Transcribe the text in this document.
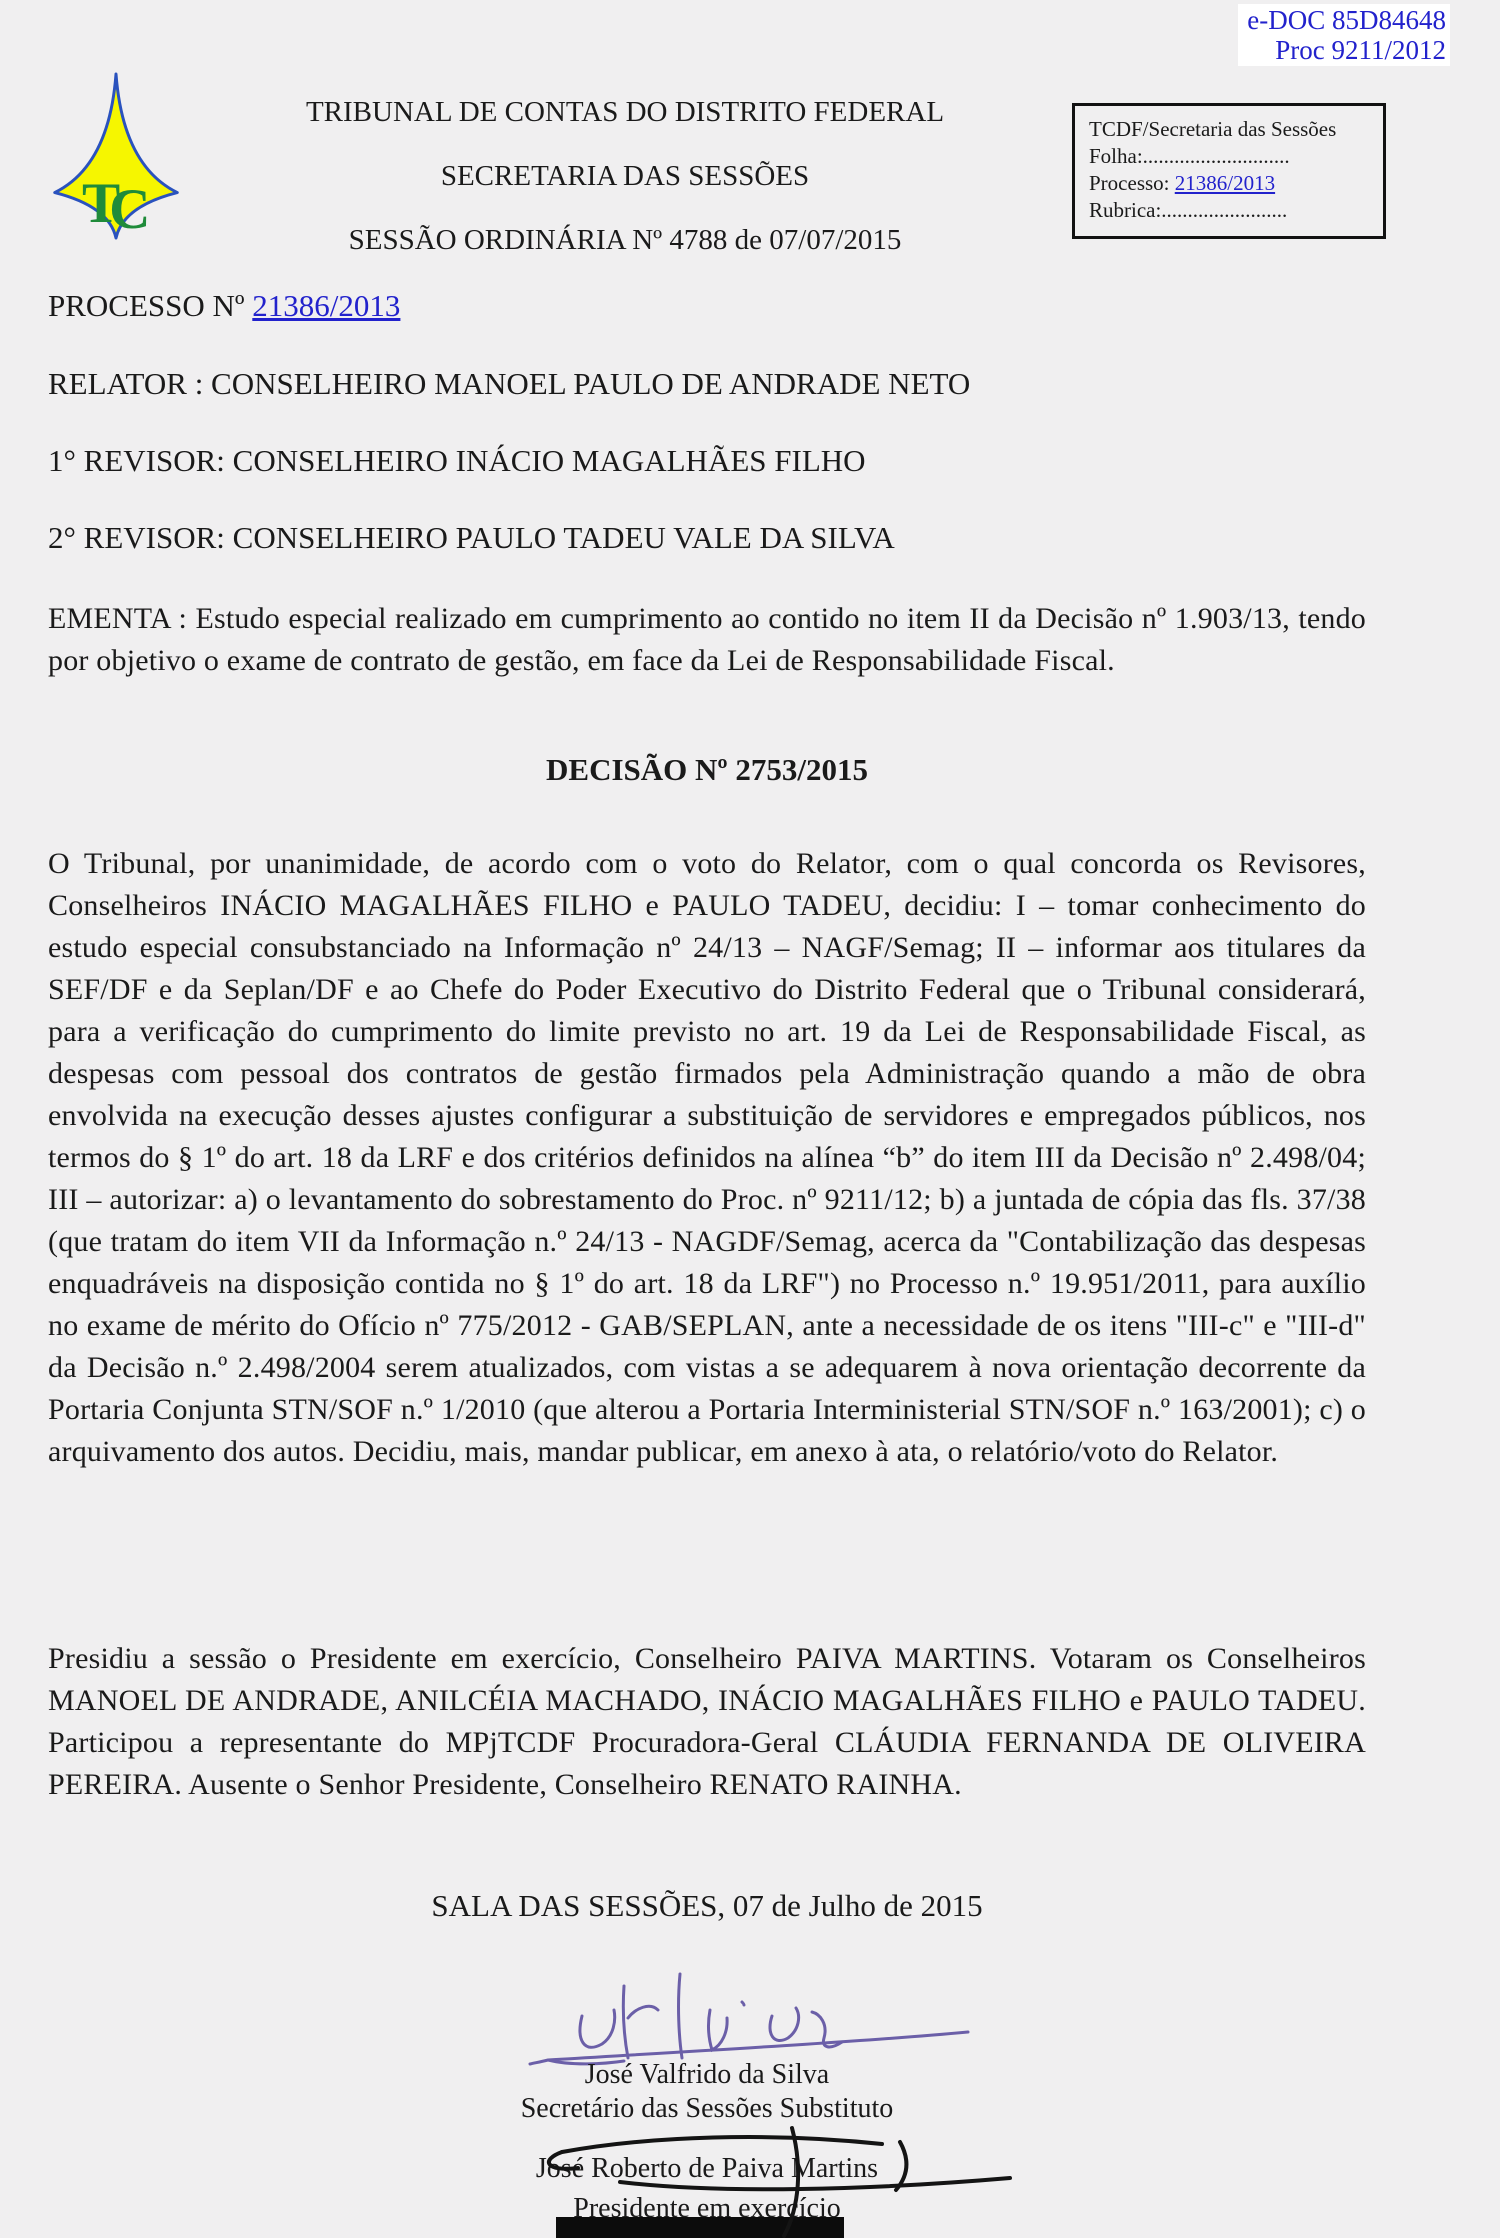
e-DOC 85D84648
Proc 9211/2012
T
C
TCDF/Secretaria das Sessões
Folha:............................
Processo: 21386/2013
Rubrica:........................
TRIBUNAL DE CONTAS DO DISTRITO FEDERAL
SECRETARIA DAS SESSÕES
SESSÃO ORDINÁRIA Nº 4788 de 07/07/2015
PROCESSO Nº 21386/2013
RELATOR : CONSELHEIRO MANOEL PAULO DE ANDRADE NETO
1° REVISOR: CONSELHEIRO INÁCIO MAGALHÃES FILHO
2° REVISOR: CONSELHEIRO PAULO TADEU VALE DA SILVA
EMENTA : Estudo especial realizado em cumprimento ao contido no item II da Decisão nº 1.903/13, tendo por objetivo o exame de contrato de gestão, em face da Lei de Responsabilidade Fiscal.
DECISÃO Nº 2753/2015
O Tribunal, por unanimidade, de acordo com o voto do Relator, com o qual concorda os Revisores, Conselheiros INÁCIO MAGALHÃES FILHO e PAULO TADEU, decidiu: I – tomar conhecimento do estudo especial consubstanciado na Informação nº 24/13 – NAGF/Semag; II – informar aos titulares da SEF/DF e da Seplan/DF e ao Chefe do Poder Executivo do Distrito Federal que o Tribunal considerará, para a verificação do cumprimento do limite previsto no art. 19 da Lei de Responsabilidade Fiscal, as despesas com pessoal dos contratos de gestão firmados pela Administração quando a mão de obra envolvida na execução desses ajustes configurar a substituição de servidores e empregados públicos, nos termos do § 1º do art. 18 da LRF e dos critérios definidos na alínea “b” do item III da Decisão nº 2.498/04; III – autorizar: a) o levantamento do sobrestamento do Proc. nº 9211/12; b) a juntada de cópia das fls. 37/38 (que tratam do item VII da Informação n.º 24/13 - NAGDF/Semag, acerca da "Contabilização das despesas enquadráveis na disposição contida no § 1º do art. 18 da LRF") no Processo n.º 19.951/2011, para auxílio no exame de mérito do Ofício nº 775/2012 - GAB/SEPLAN, ante a necessidade de os itens "III-c" e "III-d" da Decisão n.º 2.498/2004 serem atualizados, com vistas a se adequarem à nova orientação decorrente da Portaria Conjunta STN/SOF n.º 1/2010 (que alterou a Portaria Interministerial STN/SOF n.º 163/2001); c) o arquivamento dos autos. Decidiu, mais, mandar publicar, em anexo à ata, o relatório/voto do Relator.
Presidiu a sessão o Presidente em exercício, Conselheiro PAIVA MARTINS. Votaram os Conselheiros MANOEL DE ANDRADE, ANILCÉIA MACHADO, INÁCIO MAGALHÃES FILHO e PAULO TADEU. Participou a representante do MPjTCDF Procuradora-Geral CLÁUDIA FERNANDA DE OLIVEIRA PEREIRA. Ausente o Senhor Presidente, Conselheiro RENATO RAINHA.
SALA DAS SESSÕES, 07 de Julho de 2015
José Valfrido da Silva
Secretário das Sessões Substituto
José Roberto de Paiva Martins
Presidente em exercício
